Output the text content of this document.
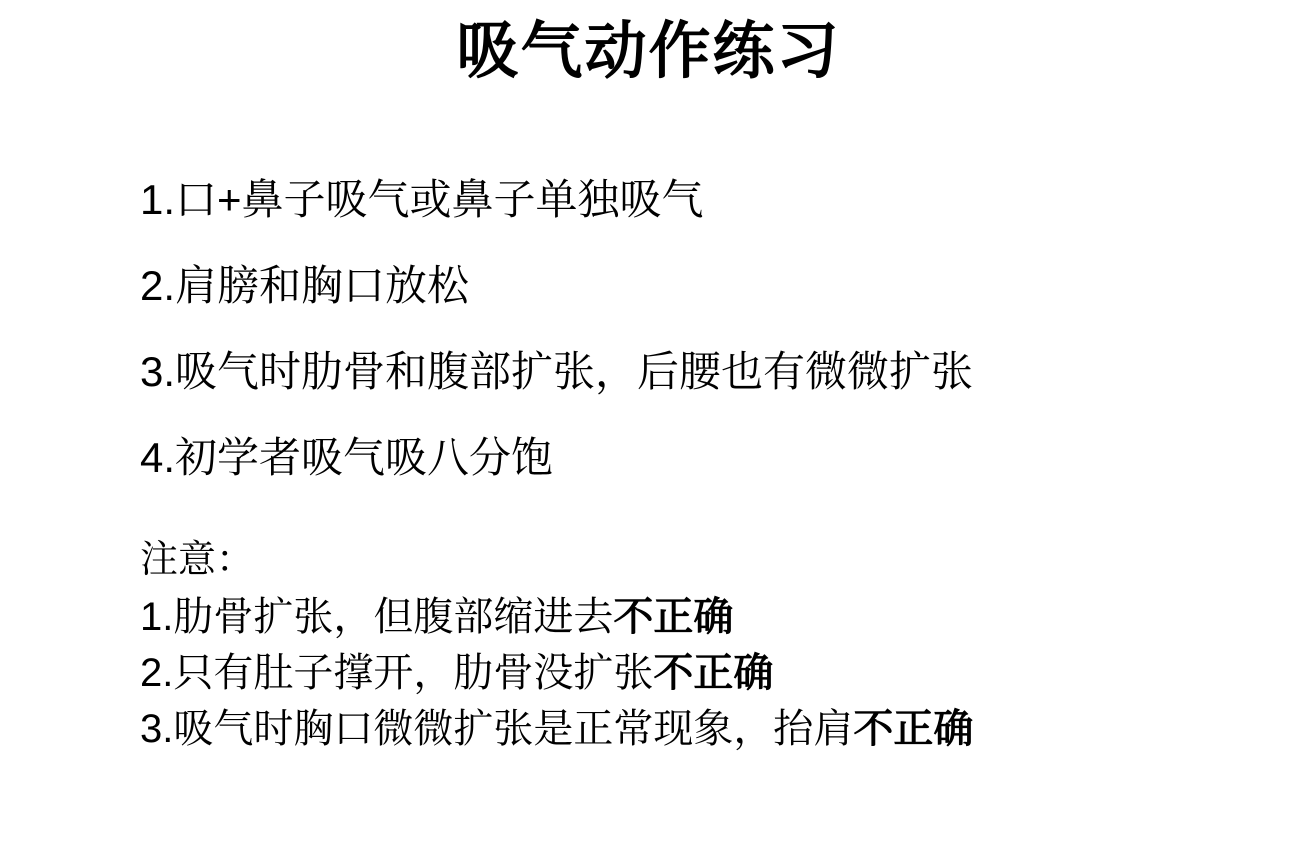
吸气动作练习
1.口+鼻子吸气或鼻子单独吸气
2.肩膀和胸口放松
3.吸气时肋骨和腹部扩张，后腰也有微微扩张
4.初学者吸气吸八分饱
注意：
1.肋骨扩张，但腹部缩进去不正确
2.只有肚子撑开，肋骨没扩张不正确
3.吸气时胸口微微扩张是正常现象，抬肩不正确
